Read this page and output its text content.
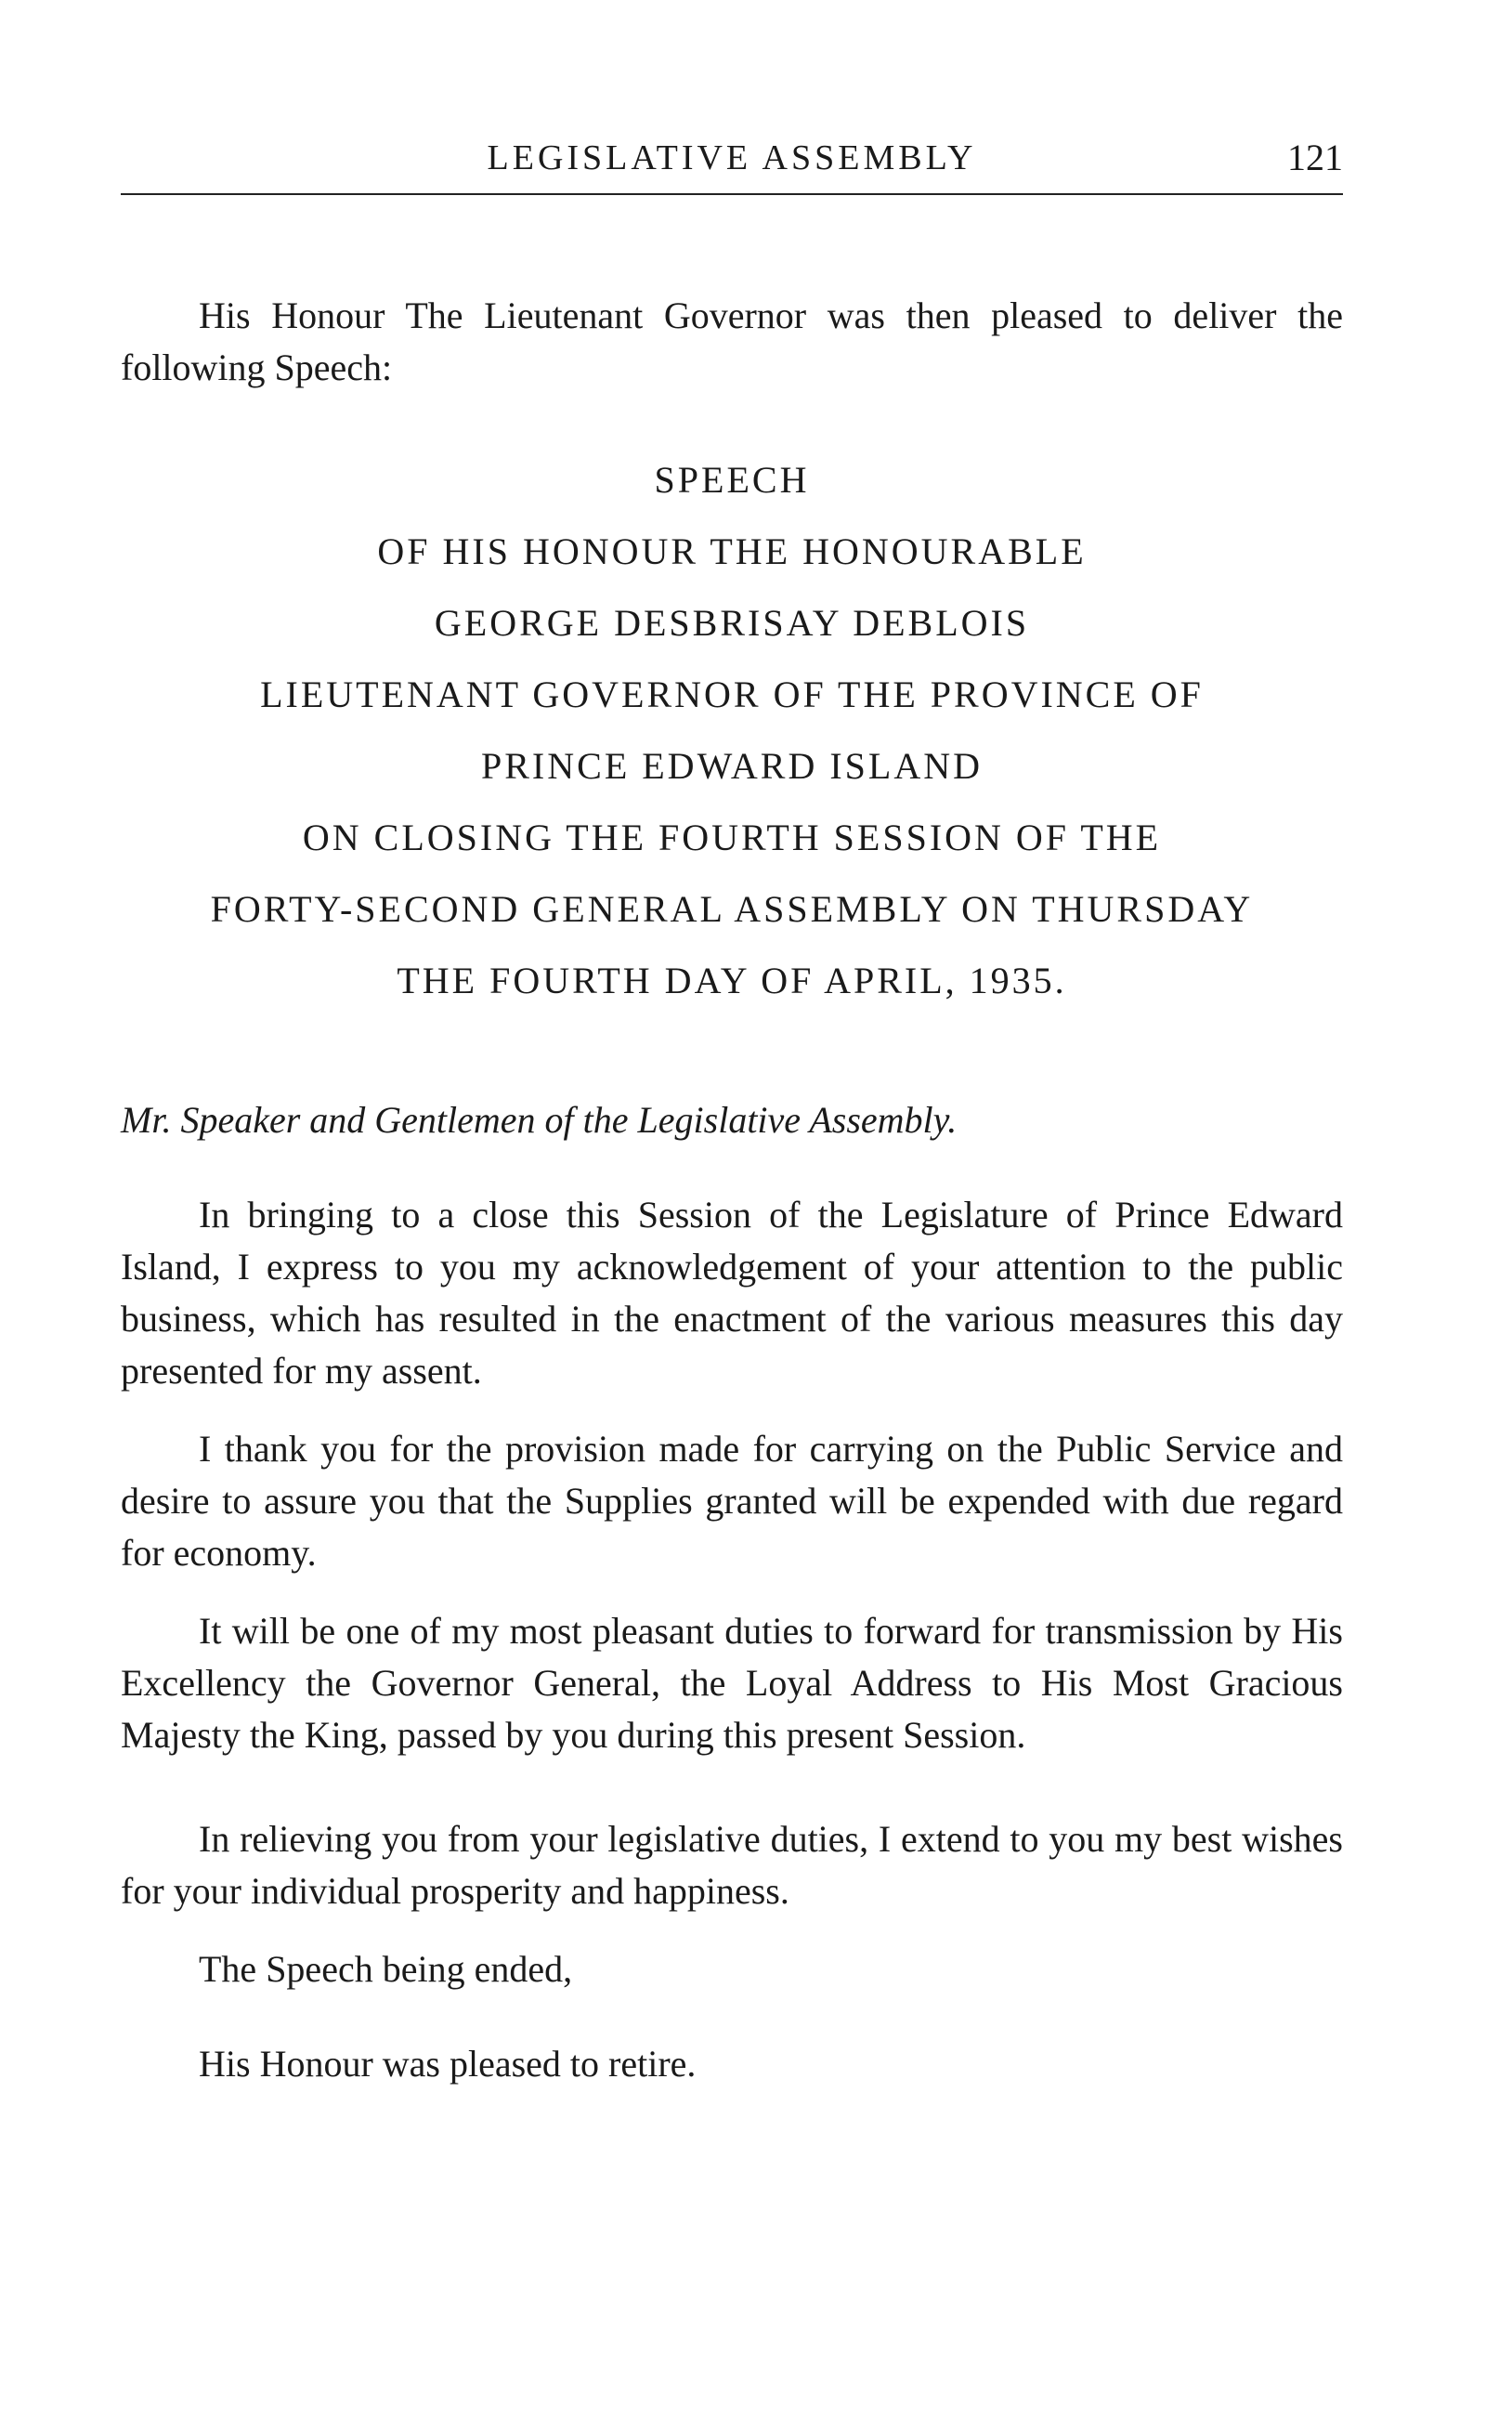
LEGISLATIVE ASSEMBLY	121

His Honour The Lieutenant Governor was then pleased to deliver the following Speech:

SPEECH
OF HIS HONOUR THE HONOURABLE
GEORGE DESBRISAY DEBLOIS
LIEUTENANT GOVERNOR OF THE PROVINCE OF
PRINCE EDWARD ISLAND
ON CLOSING THE FOURTH SESSION OF THE
FORTY-SECOND GENERAL ASSEMBLY ON THURSDAY
THE FOURTH DAY OF APRIL, 1935.

Mr. Speaker and Gentlemen of the Legislative Assembly.

In bringing to a close this Session of the Legislature of Prince Edward Island, I express to you my acknowledgement of your attention to the public business, which has resulted in the enactment of the various measures this day presented for my assent.

I thank you for the provision made for carrying on the Public Service and desire to assure you that the Supplies granted will be expended with due regard for economy.

It will be one of my most pleasant duties to forward for transmission by His Excellency the Governor General, the Loyal Address to His Most Gracious Majesty the King, passed by you during this present Session.

In relieving you from your legislative duties, I extend to you my best wishes for your individual prosperity and happiness.

The Speech being ended,

His Honour was pleased to retire.
